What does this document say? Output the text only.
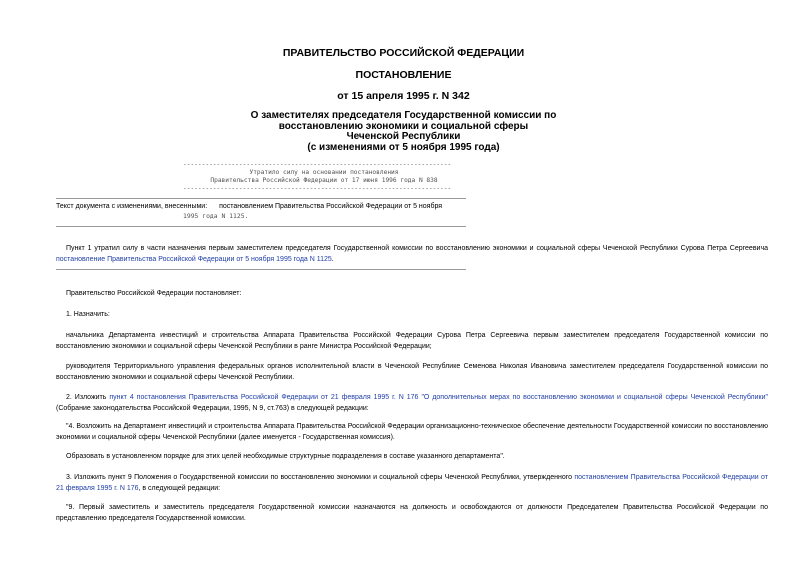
ПРАВИТЕЛЬСТВО РОССИЙСКОЙ ФЕДЕРАЦИИ
ПОСТАНОВЛЕНИЕ
от 15 апреля 1995 г. N 342
О заместителях председателя Государственной комиссии по
восстановлению экономики и социальной сферы
Чеченской Республики
(с изменениями от 5 ноября 1995 года)
------------------------------------------------------------------------
Утратило силу на основании постановления
Правительства Российской Федерации от 17 июня 1996 года N 838
------------------------------------------------------------------------
Текст документа с изменениями, внесенными: постановлением Правительства Российской Федерации от 5 ноября
1995 года N 1125.
Пункт 1 утратил силу в части назначения первым заместителем председателя Государственной комиссии по восстановлению экономики и социальной сферы Чеченской Республики Сурова Петра Сергеевича постановление Правительства Российской Федерации от 5 ноября 1995 года N 1125.
Правительство Российской Федерации постановляет:
1. Назначить:
начальника Департамента инвестиций и строительства Аппарата Правительства Российской Федерации Сурова Петра Сергеевича первым заместителем председателя Государственной комиссии по восстановлению экономики и социальной сферы Чеченской Республики в ранге Министра Российской Федерации;
руководителя Территориального управления федеральных органов исполнительной власти в Чеченской Республике Семенова Николая Ивановича заместителем председателя Государственной комиссии по восстановлению экономики и социальной сферы Чеченской Республики.
2. Изложить пункт 4 постановления Правительства Российской Федерации от 21 февраля 1995 г. N 176 "О дополнительных мерах по восстановлению экономики и социальной сферы Чеченской Республики" (Собрание законодательства Российской Федерации, 1995, N 9, ст.763) в следующей редакции:
"4. Возложить на Департамент инвестиций и строительства Аппарата Правительства Российской Федерации организационно-техническое обеспечение деятельности Государственной комиссии по восстановлению экономики и социальной сферы Чеченской Республики (далее именуется - Государственная комиссия).
Образовать в установленном порядке для этих целей необходимые структурные подразделения в составе указанного департамента".
3. Изложить пункт 9 Положения о Государственной комиссии по восстановлению экономики и социальной сферы Чеченской Республики, утвержденного постановлением Правительства Российской Федерации от 21 февраля 1995 г. N 176, в следующей редакции:
"9. Первый заместитель и заместитель председателя Государственной комиссии назначаются на должность и освобождаются от должности Председателем Правительства Российской Федерации по представлению председателя Государственной комиссии.
